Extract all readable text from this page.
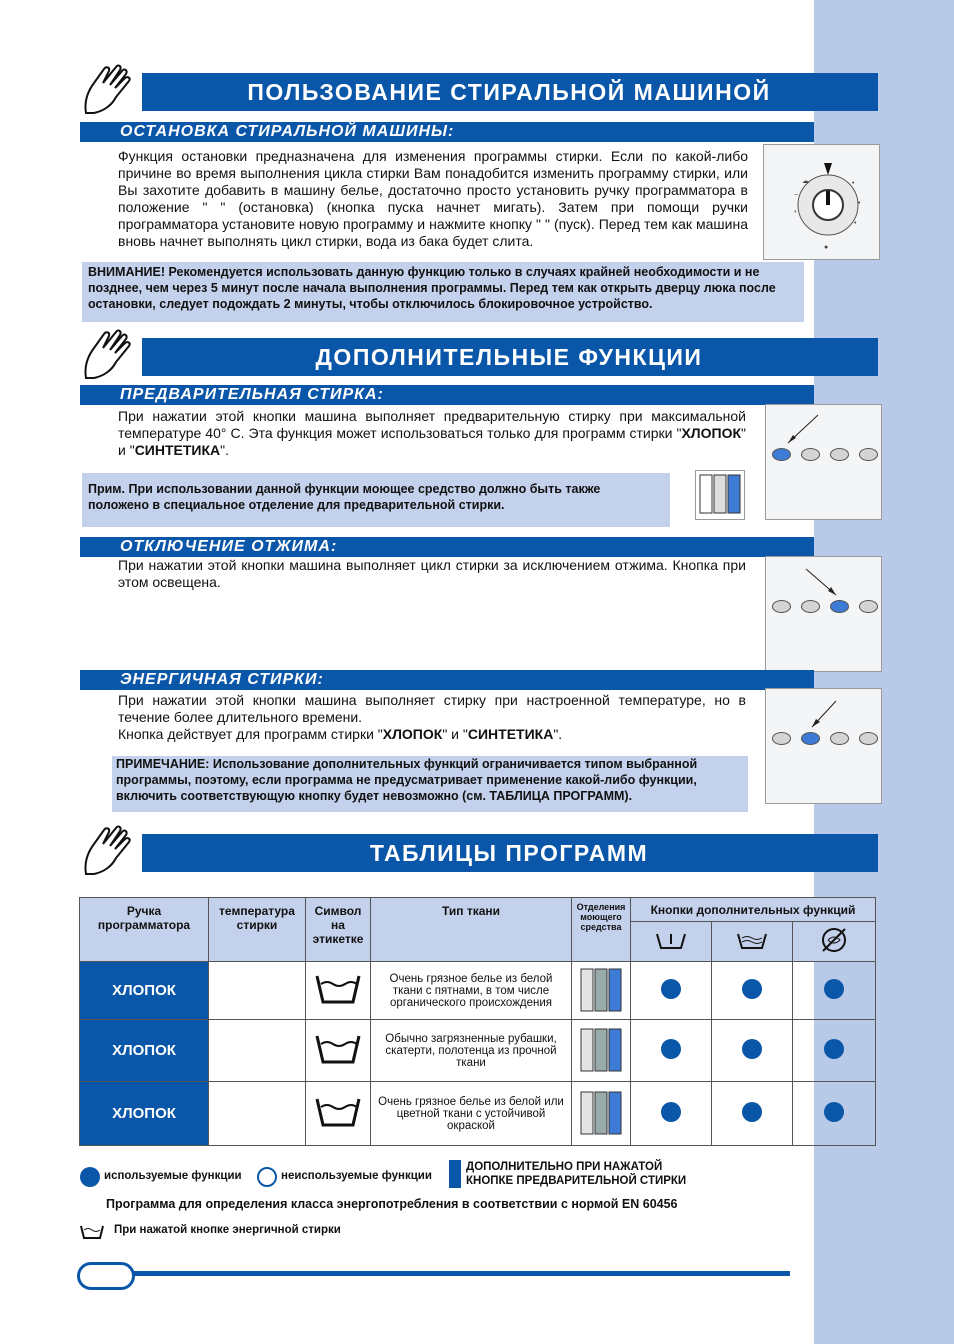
ПОЛЬЗОВАНИЕ СТИРАЛЬНОЙ МАШИНОЙ
ОСТАНОВКА СТИРАЛЬНОЙ МАШИНЫ:
Функция остановки предназначена для изменения программы стирки. Если по какой-либо причине во время выполнения цикла стирки Вам понадобится изменить программу стирки, или Вы захотите добавить в машину белье, достаточно просто установить ручку программатора в положение " " (остановка) (кнопка пуска начнет мигать). Затем при помощи ручки программатора установите новую программу и нажмите кнопку " " (пуск). Перед тем как машина вновь начнет выполнять цикл стирки, вода из бака будет слита.
☁
~
*
•
•
•
●
ВНИМАНИЕ! Рекомендуется использовать данную функцию только в случаях крайней необходимости и не позднее, чем через 5 минут после начала выполнения программы. Перед тем как открыть дверцу люка после остановки, следует подождать 2 минуты, чтобы отключилось блокировочное устройство.
ДОПОЛНИТЕЛЬНЫЕ ФУНКЦИИ
ПРЕДВАРИТЕЛЬНАЯ СТИРКА:
При нажатии этой кнопки машина выполняет предварительную стирку при максимальной температуре 40° С. Эта функция может использоваться только для программ стирки "ХЛОПОК" и "СИНТЕТИКА".
Прим. При использовании данной функции моющее средство должно быть также положено в специальное отделение для предварительной стирки.
ОТКЛЮЧЕНИЕ ОТЖИМА:
При нажатии этой кнопки машина выполняет цикл стирки за исключением отжима. Кнопка при этом освещена.
ЭНЕРГИЧНАЯ СТИРКИ:
При нажатии этой кнопки машина выполняет стирку при настроенной температуре, но в течение более длительного времени.
Кнопка действует для программ стирки "ХЛОПОК" и "СИНТЕТИКА".
ПРИМЕЧАНИЕ: Использование дополнительных функций ограничивается типом выбранной программы, поэтому, если программа не предусматривает применение какой-либо функции, включить соответствующую кнопку будет невозможно (см. ТАБЛИЦА ПРОГРАММ).
ТАБЛИЦЫ ПРОГРАММ
Ручка программатора	температура стирки	Символ на этикетке	Тип ткани	Отделения моющего средства	Кнопки дополнительных функций		

ХЛОПОК			Очень грязное белье из белой ткани с пятнами, в том числе органического происхождения				
ХЛОПОК			Обычно загрязненные рубашки, скатерти, полотенца из прочной ткани				
ХЛОПОК			Очень грязное белье из белой или цветной ткани с устойчивой окраской				
используемые функции	неиспользуемые функции
ДОПОЛНИТЕЛЬНО ПРИ НАЖАТОЙ
КНОПКЕ ПРЕДВАРИТЕЛЬНОЙ СТИРКИ
Программа для определения класса энергопотребления в соответствии с нормой EN 60456
При нажатой кнопке энергичной стирки
